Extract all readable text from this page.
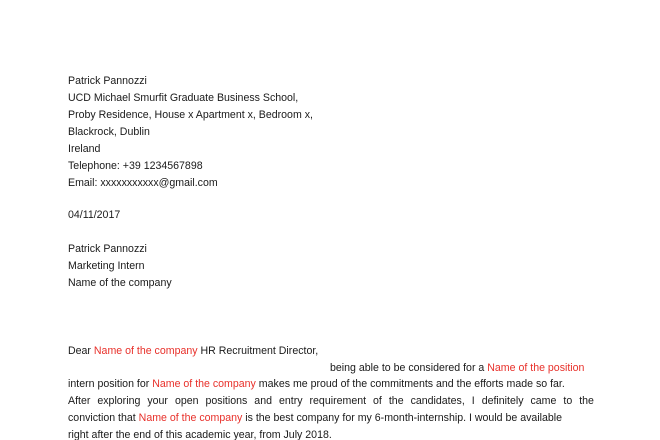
Patrick Pannozzi
UCD Michael Smurfit Graduate Business School,
Proby Residence, House x Apartment x, Bedroom x,
Blackrock, Dublin
Ireland
Telephone: +39 1234567898
Email: xxxxxxxxxxx@gmail.com
04/11/2017
Patrick Pannozzi
Marketing Intern
Name of the company
Dear Name of the company HR Recruitment Director,
being able to be considered for a Name of the position
intern position for Name of the company makes me proud of the commitments and the efforts made so far.
After exploring your open positions and entry requirement of the candidates, I definitely came to the
conviction that Name of the company is the best company for my 6-month-internship. I would be available
right after the end of this academic year, from July 2018.
